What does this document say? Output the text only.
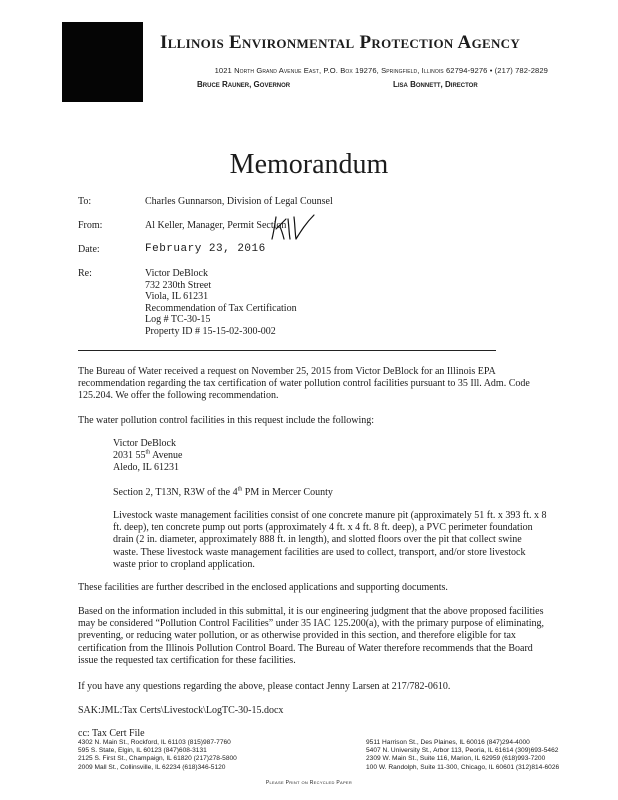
Illinois Environmental Protection Agency
1021 North Grand Avenue East, P.O. Box 19276, Springfield, Illinois 62794-9276 • (217) 782-2829
Bruce Rauner, Governor	Lisa Bonnett, Director
Memorandum
To:	Charles Gunnarson, Division of Legal Counsel
From:	Al Keller, Manager, Permit Section
Date:	February 23, 2016
Re:	Victor DeBlock
732 230th Street
Viola, IL 61231
Recommendation of Tax Certification
Log # TC-30-15
Property ID # 15-15-02-300-002
The Bureau of Water received a request on November 25, 2015 from Victor DeBlock for an Illinois EPA recommendation regarding the tax certification of water pollution control facilities pursuant to 35 Ill. Adm. Code 125.204. We offer the following recommendation.
The water pollution control facilities in this request include the following:
Victor DeBlock
2031 55th Avenue
Aledo, IL 61231
Section 2, T13N, R3W of the 4th PM in Mercer County
Livestock waste management facilities consist of one concrete manure pit (approximately 51 ft. x 393 ft. x 8 ft. deep), ten concrete pump out ports (approximately 4 ft. x 4 ft. 8 ft. deep), a PVC perimeter foundation drain (2 in. diameter, approximately 888 ft. in length), and slotted floors over the pit that collect swine waste. These livestock waste management facilities are used to collect, transport, and/or store livestock waste prior to cropland application.
These facilities are further described in the enclosed applications and supporting documents.
Based on the information included in this submittal, it is our engineering judgment that the above proposed facilities may be considered “Pollution Control Facilities” under 35 IAC 125.200(a), with the primary purpose of eliminating, preventing, or reducing water pollution, or as otherwise provided in this section, and therefore eligible for tax certification from the Illinois Pollution Control Board. The Bureau of Water therefore recommends that the Board issue the requested tax certification for these facilities.
If you have any questions regarding the above, please contact Jenny Larsen at 217/782-0610.
SAK:JML:Tax Certs\Livestock\LogTC-30-15.docx
cc: Tax Cert File
4302 N. Main St., Rockford, IL 61103 (815)987-7760
595 S. State, Elgin, IL 60123 (847)608-3131
2125 S. First St., Champaign, IL 61820 (217)278-5800
2009 Mall St., Collinsville, IL 62234 (618)346-5120
9511 Harrison St., Des Plaines, IL 60016 (847)294-4000
5407 N. University St., Arbor 113, Peoria, IL 61614 (309)693-5462
2309 W. Main St., Suite 116, Marion, IL 62959 (618)993-7200
100 W. Randolph, Suite 11-300, Chicago, IL 60601 (312)814-6026
Please Print on Recycled Paper
